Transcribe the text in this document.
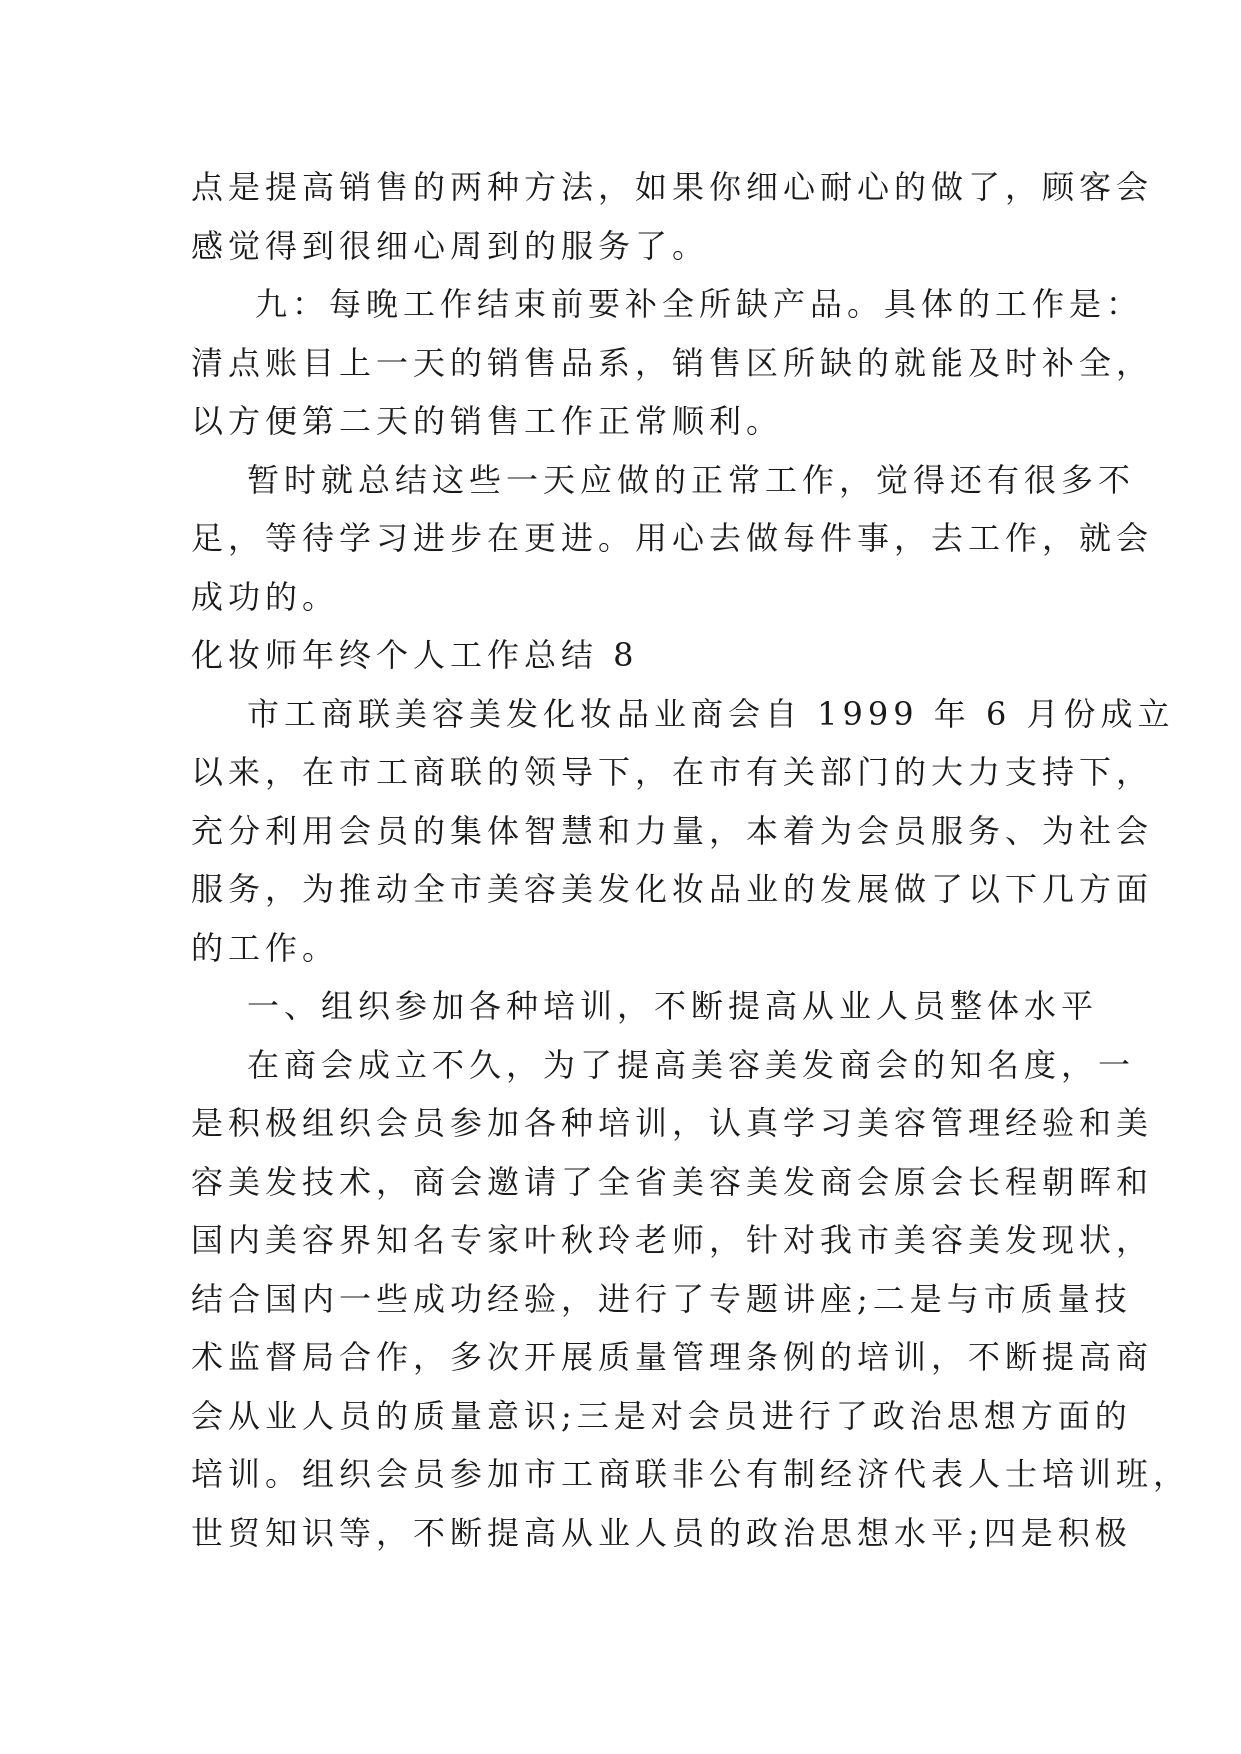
点是提高销售的两种方法，如果你细心耐心的做了，顾客会
感觉得到很细心周到的服务了。
九：每晚工作结束前要补全所缺产品。具体的工作是：
清点账目上一天的销售品系，销售区所缺的就能及时补全，
以方便第二天的销售工作正常顺利。
暂时就总结这些一天应做的正常工作，觉得还有很多不
足，等待学习进步在更进。用心去做每件事，去工作，就会
成功的。
化妆师年终个人工作总结 8
市工商联美容美发化妆品业商会自 1999 年 6 月份成立
以来，在市工商联的领导下，在市有关部门的大力支持下，
充分利用会员的集体智慧和力量，本着为会员服务、为社会
服务，为推动全市美容美发化妆品业的发展做了以下几方面
的工作。
一、组织参加各种培训，不断提高从业人员整体水平
在商会成立不久，为了提高美容美发商会的知名度，一
是积极组织会员参加各种培训，认真学习美容管理经验和美
容美发技术，商会邀请了全省美容美发商会原会长程朝晖和
国内美容界知名专家叶秋玲老师，针对我市美容美发现状，
结合国内一些成功经验，进行了专题讲座;二是与市质量技
术监督局合作，多次开展质量管理条例的培训，不断提高商
会从业人员的质量意识;三是对会员进行了政治思想方面的
培训。组织会员参加市工商联非公有制经济代表人士培训班，
世贸知识等，不断提高从业人员的政治思想水平;四是积极
